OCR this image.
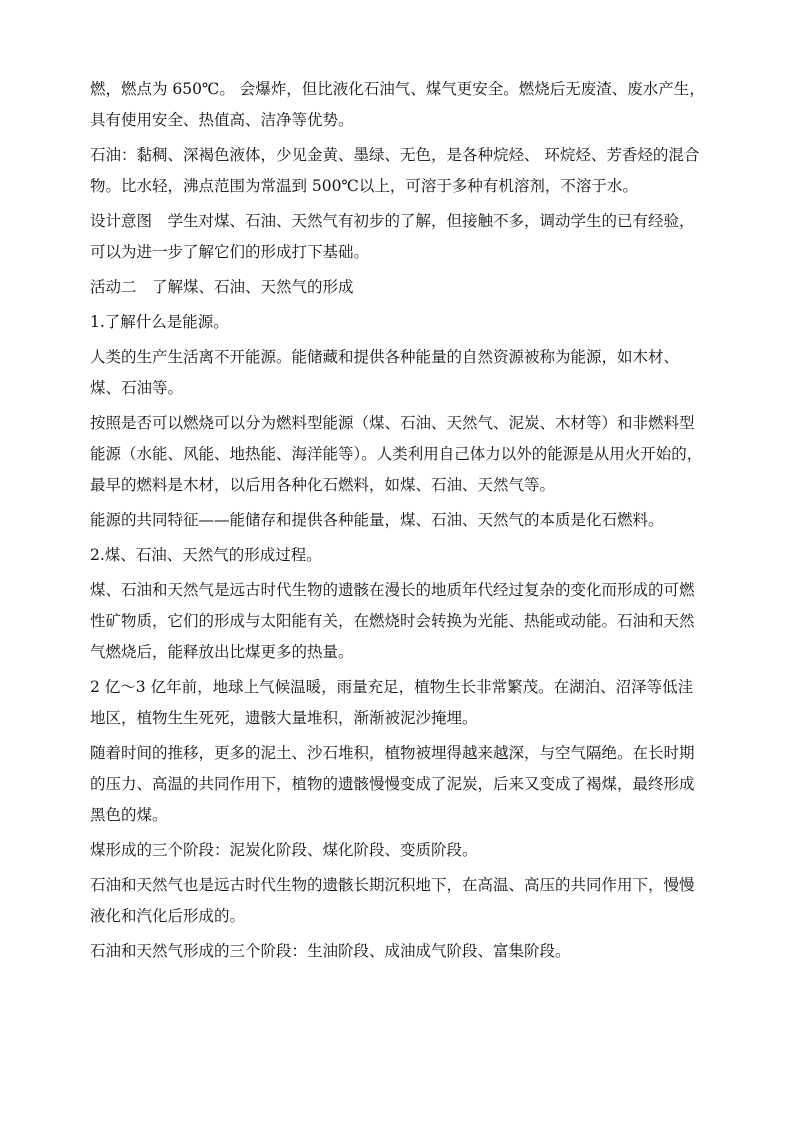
燃，燃点为 650℃。 会爆炸，但比液化石油气、煤气更安全。燃烧后无废渣、废水产生，具有使用安全、热值高、洁净等优势。

石油：黏稠、深褐色液体，少见金黄、墨绿、无色，是各种烷烃、 环烷烃、芳香烃的混合物。比水轻，沸点范围为常温到 500℃以上，可溶于多种有机溶剂，不溶于水。

设计意图　学生对煤、石油、天然气有初步的了解，但接触不多，调动学生的已有经验，可以为进一步了解它们的形成打下基础。

活动二　了解煤、石油、天然气的形成

1.了解什么是能源。

人类的生产生活离不开能源。能储藏和提供各种能量的自然资源被称为能源，如木材、煤、石油等。

按照是否可以燃烧可以分为燃料型能源（煤、石油、天然气、泥炭、木材等）和非燃料型能源（水能、风能、地热能、海洋能等）。人类利用自己体力以外的能源是从用火开始的，最早的燃料是木材，以后用各种化石燃料，如煤、石油、天然气等。

能源的共同特征——能储存和提供各种能量，煤、石油、天然气的本质是化石燃料。

2.煤、石油、天然气的形成过程。

煤、石油和天然气是远古时代生物的遗骸在漫长的地质年代经过复杂的变化而形成的可燃性矿物质，它们的形成与太阳能有关，在燃烧时会转换为光能、热能或动能。石油和天然气燃烧后，能释放出比煤更多的热量。

2 亿～3 亿年前，地球上气候温暖，雨量充足，植物生长非常繁茂。在湖泊、沼泽等低洼地区，植物生生死死，遗骸大量堆积，渐渐被泥沙掩埋。

随着时间的推移，更多的泥土、沙石堆积，植物被埋得越来越深，与空气隔绝。在长时期的压力、高温的共同作用下，植物的遗骸慢慢变成了泥炭，后来又变成了褐煤，最终形成黑色的煤。

煤形成的三个阶段：泥炭化阶段、煤化阶段、变质阶段。

石油和天然气也是远古时代生物的遗骸长期沉积地下，在高温、高压的共同作用下，慢慢液化和汽化后形成的。

石油和天然气形成的三个阶段：生油阶段、成油成气阶段、富集阶段。
